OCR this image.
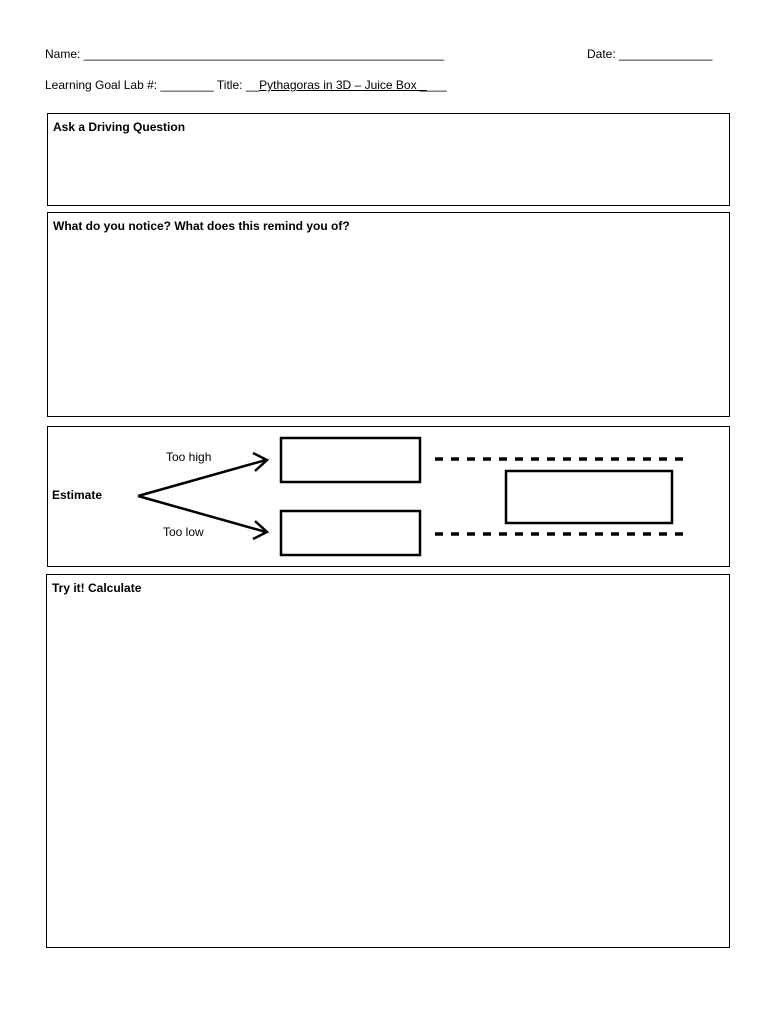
Name: ______________________________________________________	Date: ______________
Learning Goal Lab #: ________ Title: __Pythagoras in 3D – Juice Box ____
Ask a Driving Question
What do you notice? What does this remind you of?
Estimate
Too high
Too low
Try it! Calculate
